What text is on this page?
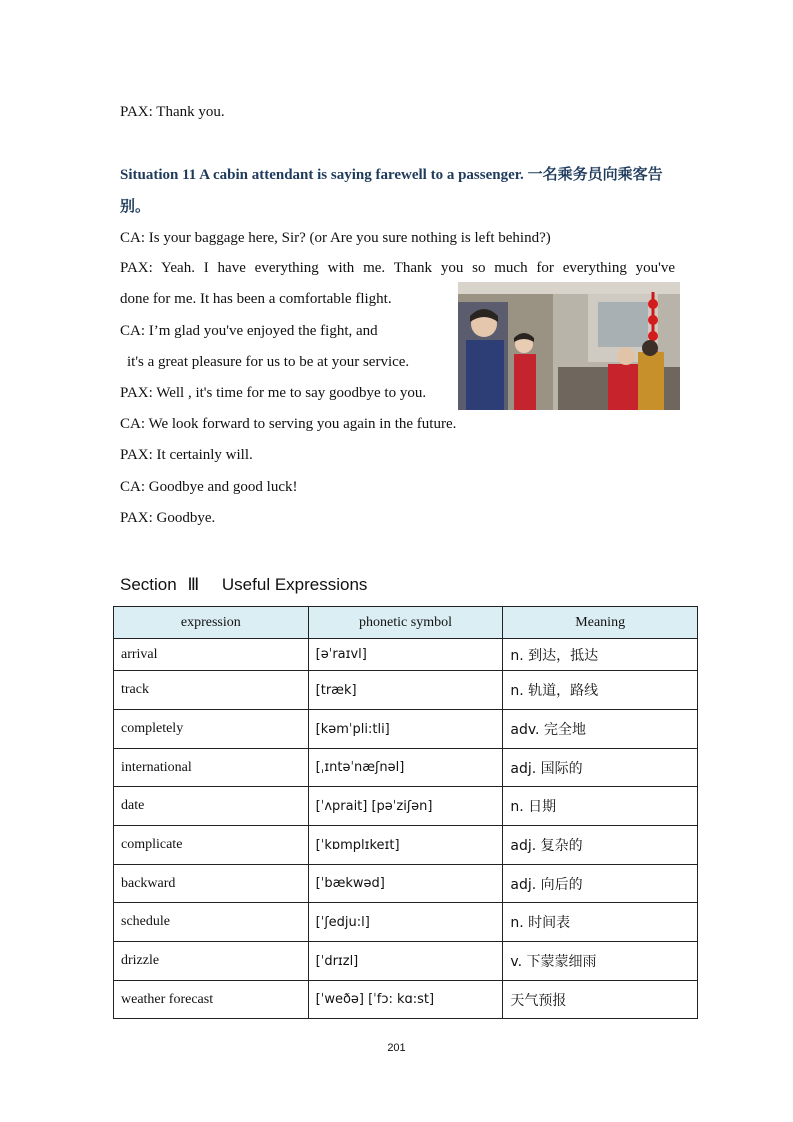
PAX: Thank you.
Situation 11 A cabin attendant is saying farewell to a passenger. 一名乘务员向乘客告别。
CA: Is your baggage here, Sir? (or Are you sure nothing is left behind?)
PAX: Yeah. I have everything with me. Thank you so much for everything you've
done for me. It has been a comfortable flight.
CA: I’m glad you've enjoyed the fight, and
it's a great pleasure for us to be at your service.
PAX: Well , it's time for me to say goodbye to you.
CA: We look forward to serving you again in the future.
PAX: It certainly will.
CA: Goodbye and good luck!
PAX: Goodbye.
Section Ⅲ Useful Expressions
expression	phonetic symbol	Meaning
arrival	[əˈraɪvl]	n. 到达，抵达
track	[træk]	n. 轨道，路线
completely	[kəmˈpli:tli]	adv. 完全地
international	[ˌɪntəˈnæʃnəl]	adj. 国际的
date	[ˈʌprait] [pəˈziʃən]	n. 日期
complicate	[ˈkɒmplɪkeɪt]	adj. 复杂的
backward	[ˈbækwəd]	adj. 向后的
schedule	[ˈʃedju:l]	n. 时间表
drizzle	[ˈdrɪzl]	v. 下蒙蒙细雨
weather forecast	[ˈweðə] [ˈfɔ: kɑ:st]	天气预报
201
